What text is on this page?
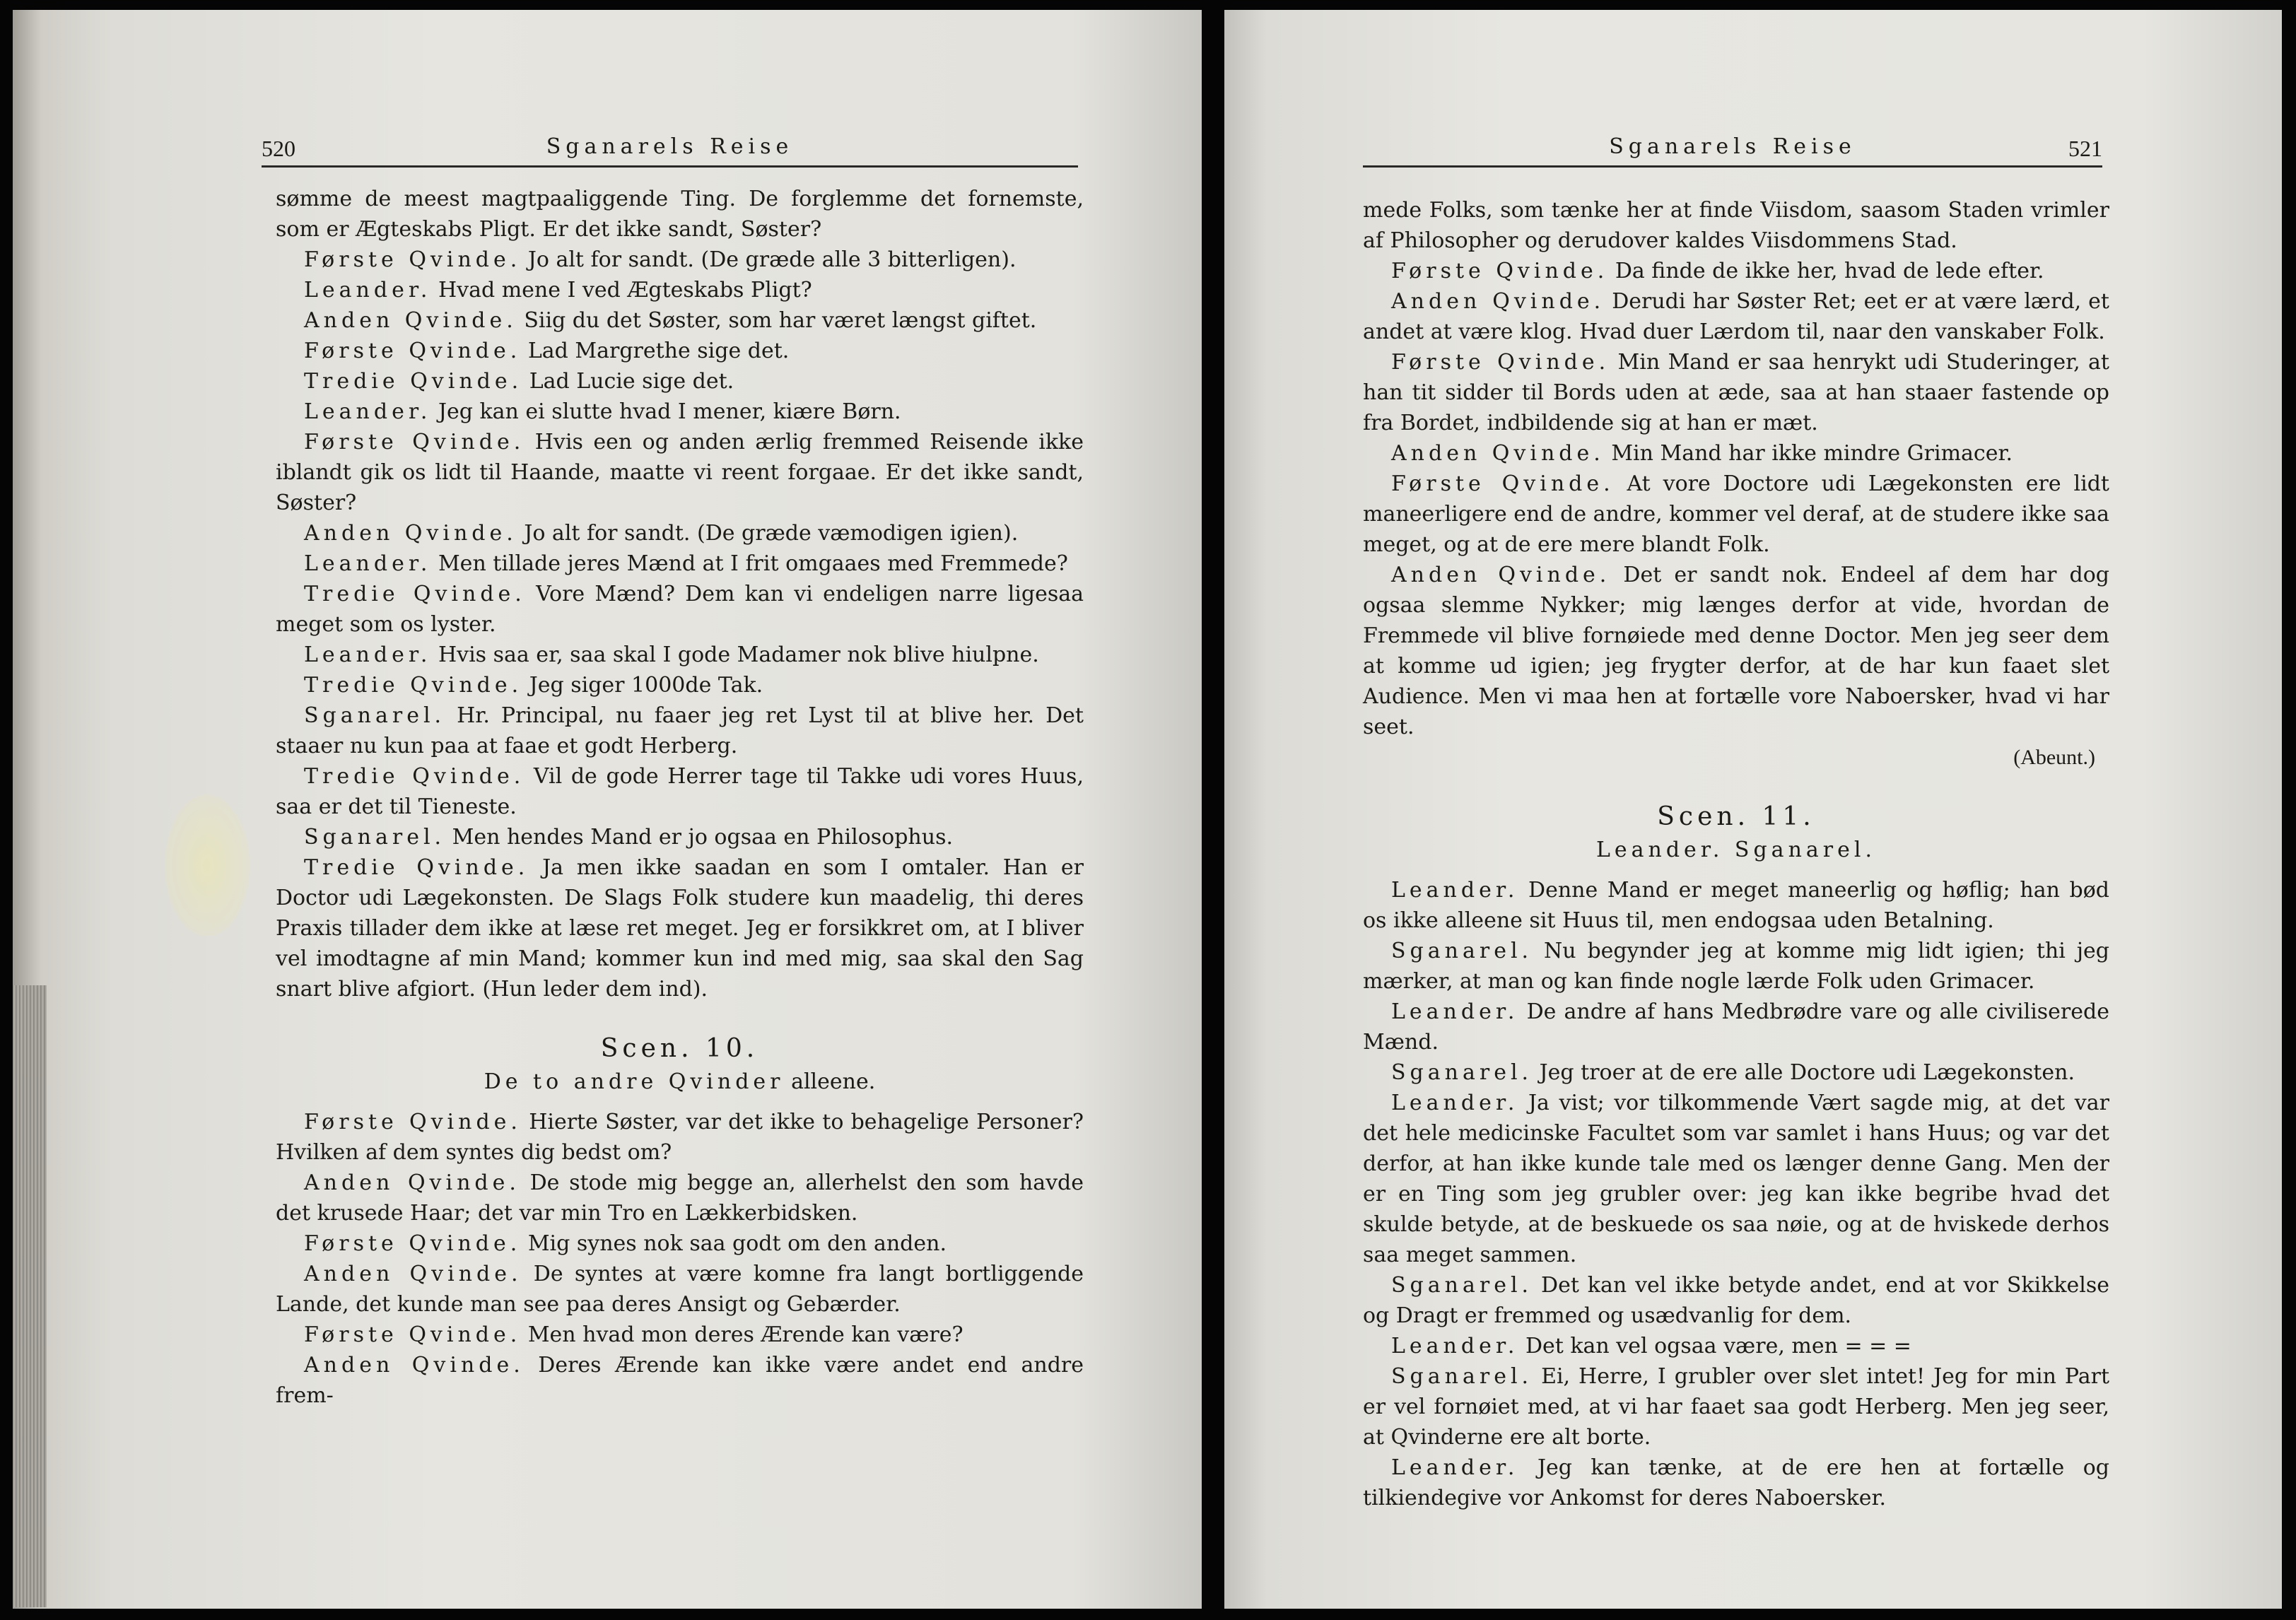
520	Sganarels Reise

sømme de meest magtpaaliggende Ting. De forglemme det fornemste, som er Ægteskabs Pligt. Er det ikke sandt, Søster?

Første Qvinde. Jo alt for sandt. (De græde alle 3 bitterligen).

Leander. Hvad mene I ved Ægteskabs Pligt?

Anden Qvinde. Siig du det Søster, som har været længst giftet.

Første Qvinde. Lad Margrethe sige det.

Tredie Qvinde. Lad Lucie sige det.

Leander. Jeg kan ei slutte hvad I mener, kiære Børn.

Første Qvinde. Hvis een og anden ærlig fremmed Reisende ikke iblandt gik os lidt til Haande, maatte vi reent forgaae. Er det ikke sandt, Søster?

Anden Qvinde. Jo alt for sandt. (De græde væmodigen igien).

Leander. Men tillade jeres Mænd at I frit omgaaes med Fremmede?

Tredie Qvinde. Vore Mænd? Dem kan vi endeligen narre ligesaa meget som os lyster.

Leander. Hvis saa er, saa skal I gode Madamer nok blive hiulpne.

Tredie Qvinde. Jeg siger 1000de Tak.

Sganarel. Hr. Principal, nu faaer jeg ret Lyst til at blive her. Det staaer nu kun paa at faae et godt Herberg.

Tredie Qvinde. Vil de gode Herrer tage til Takke udi vores Huus, saa er det til Tieneste.

Sganarel. Men hendes Mand er jo ogsaa en Philosophus.

Tredie Qvinde. Ja men ikke saadan en som I omtaler. Han er Doctor udi Lægekonsten. De Slags Folk studere kun maadelig, thi deres Praxis tillader dem ikke at læse ret meget. Jeg er forsikkret om, at I bliver vel imodtagne af min Mand; kommer kun ind med mig, saa skal den Sag snart blive afgiort. (Hun leder dem ind).

Scen. 10.
De to andre Qvinder alleene.

Første Qvinde. Hierte Søster, var det ikke to behagelige Personer? Hvilken af dem syntes dig bedst om?

Anden Qvinde. De stode mig begge an, allerhelst den som havde det krusede Haar; det var min Tro en Lækkerbidsken.

Første Qvinde. Mig synes nok saa godt om den anden.

Anden Qvinde. De syntes at være komne fra langt bortliggende Lande, det kunde man see paa deres Ansigt og Gebærder.

Første Qvinde. Men hvad mon deres Ærende kan være?

Anden Qvinde. Deres Ærende kan ikke være andet end andre frem-

Sganarels Reise	521

mede Folks, som tænke her at finde Viisdom, saasom Staden vrimler af Philosopher og derudover kaldes Viisdommens Stad.

Første Qvinde. Da finde de ikke her, hvad de lede efter.

Anden Qvinde. Derudi har Søster Ret; eet er at være lærd, et andet at være klog. Hvad duer Lærdom til, naar den vanskaber Folk.

Første Qvinde. Min Mand er saa henrykt udi Studeringer, at han tit sidder til Bords uden at æde, saa at han staaer fastende op fra Bordet, indbildende sig at han er mæt.

Anden Qvinde. Min Mand har ikke mindre Grimacer.

Første Qvinde. At vore Doctore udi Lægekonsten ere lidt maneerligere end de andre, kommer vel deraf, at de studere ikke saa meget, og at de ere mere blandt Folk.

Anden Qvinde. Det er sandt nok. Endeel af dem har dog ogsaa slemme Nykker; mig længes derfor at vide, hvordan de Fremmede vil blive fornøiede med denne Doctor. Men jeg seer dem at komme ud igien; jeg frygter derfor, at de har kun faaet slet Audience. Men vi maa hen at fortælle vore Naboersker, hvad vi har seet.

(Abeunt.)
Scen. 11.
Leander. Sganarel.

Leander. Denne Mand er meget maneerlig og høflig; han bød os ikke alleene sit Huus til, men endogsaa uden Betalning.

Sganarel. Nu begynder jeg at komme mig lidt igien; thi jeg mærker, at man og kan finde nogle lærde Folk uden Grimacer.

Leander. De andre af hans Medbrødre vare og alle civiliserede Mænd.

Sganarel. Jeg troer at de ere alle Doctore udi Lægekonsten.

Leander. Ja vist; vor tilkommende Vært sagde mig, at det var det hele medicinske Facultet som var samlet i hans Huus; og var det derfor, at han ikke kunde tale med os længer denne Gang. Men der er en Ting som jeg grubler over: jeg kan ikke begribe hvad det skulde betyde, at de beskuede os saa nøie, og at de hviskede derhos saa meget sammen.

Sganarel. Det kan vel ikke betyde andet, end at vor Skikkelse og Dragt er fremmed og usædvanlig for dem.

Leander. Det kan vel ogsaa være, men = = =

Sganarel. Ei, Herre, I grubler over slet intet! Jeg for min Part er vel fornøiet med, at vi har faaet saa godt Herberg. Men jeg seer, at Qvinderne ere alt borte.

Leander. Jeg kan tænke, at de ere hen at fortælle og tilkiendegive vor Ankomst for deres Naboersker.
